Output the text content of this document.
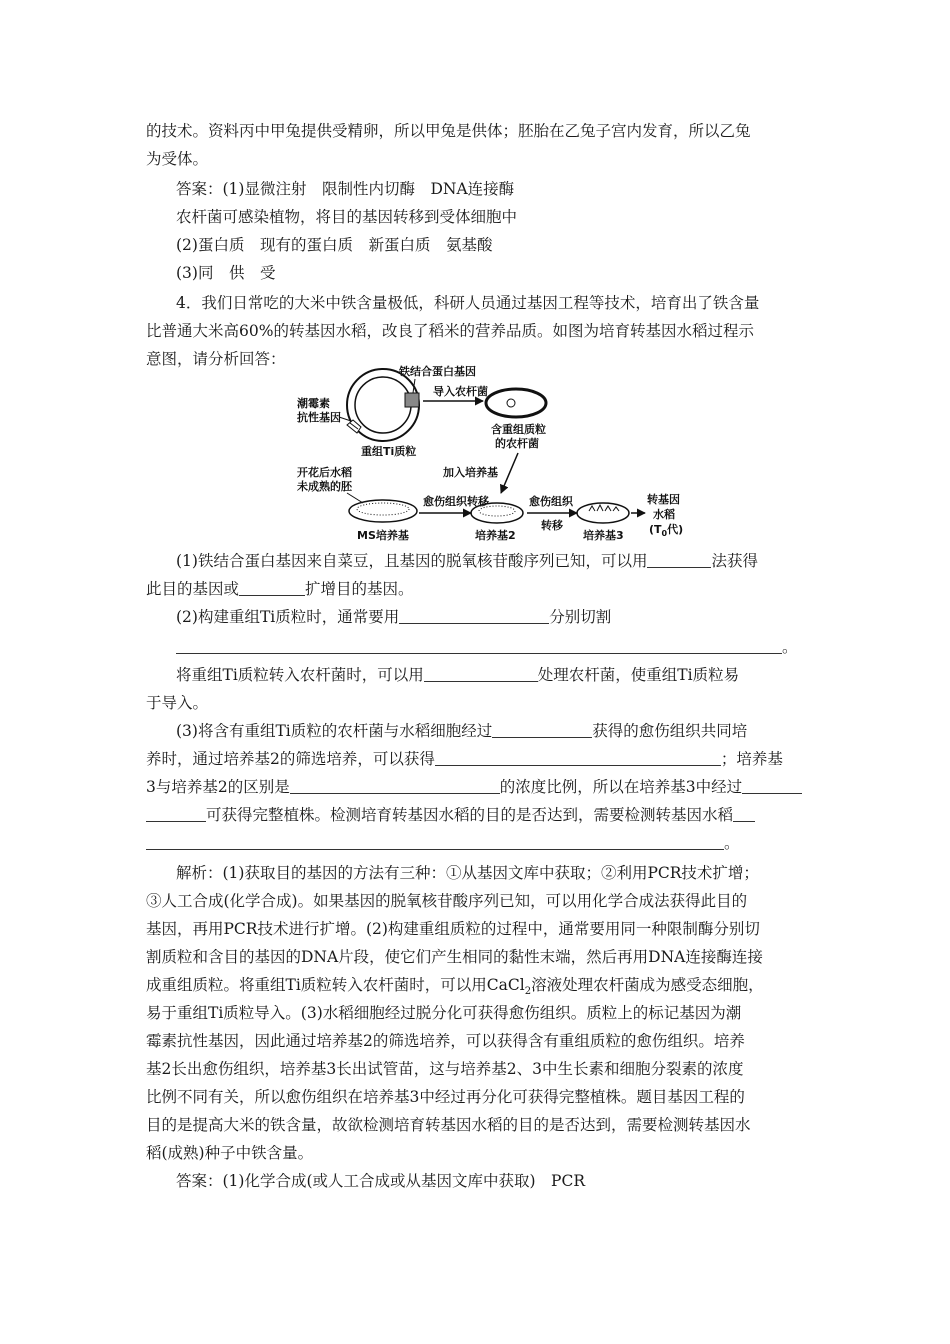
的技术。资料丙中甲兔提供受精卵，所以甲兔是供体；胚胎在乙兔子宫内发育，所以乙兔

为受体。

答案：(1)显微注射　限制性内切酶　DNA连接酶

农杆菌可感染植物，将目的基因转移到受体细胞中

(2)蛋白质　现有的蛋白质　新蛋白质　氨基酸

(3)同　供　受

4．我们日常吃的大米中铁含量极低，科研人员通过基因工程等技术，培育出了铁含量

比普通大米高60%的转基因水稻，改良了稻米的营养品质。如图为培育转基因水稻过程示

意图，请分析回答：

铁结合蛋白基因
潮霉素
抗性基因
重组Ti质粒
导入农杆菌
含重组质粒
的农杆菌
加入培养基
开花后水稻
未成熟的胚
MS培养基
愈伤组织转移
培养基2
愈伤组织
转移
培养基3
转基因
水稻
($T_0$代)

(1)铁结合蛋白基因来自菜豆，且基因的脱氧核苷酸序列已知，可以用	法获得

此目的基因或	扩增目的基因。

(2)构建重组Ti质粒时，通常要用	分别切割

。

将重组Ti质粒转入农杆菌时，可以用	处理农杆菌，使重组Ti质粒易

于导入。

(3)将含有重组Ti质粒的农杆菌与水稻细胞经过	获得的愈伤组织共同培

养时，通过培养基2的筛选培养，可以获得	；培养基

3与培养基2的区别是	的浓度比例，所以在培养基3中经过

可获得完整植株。检测培育转基因水稻的目的是否达到，需要检测转基因水稻

。

解析：(1)获取目的基因的方法有三种：①从基因文库中获取；②利用PCR技术扩增；

③人工合成(化学合成)。如果基因的脱氧核苷酸序列已知，可以用化学合成法获得此目的

基因，再用PCR技术进行扩增。(2)构建重组质粒的过程中，通常要用同一种限制酶分别切

割质粒和含目的基因的DNA片段，使它们产生相同的黏性末端，然后再用DNA连接酶连接

成重组质粒。将重组Ti质粒转入农杆菌时，可以用CaCl$_2$溶液处理农杆菌成为感受态细胞，

易于重组Ti质粒导入。(3)水稻细胞经过脱分化可获得愈伤组织。质粒上的标记基因为潮

霉素抗性基因，因此通过培养基2的筛选培养，可以获得含有重组质粒的愈伤组织。培养

基2长出愈伤组织，培养基3长出试管苗，这与培养基2、3中生长素和细胞分裂素的浓度

比例不同有关，所以愈伤组织在培养基3中经过再分化可获得完整植株。题目基因工程的

目的是提高大米的铁含量，故欲检测培育转基因水稻的目的是否达到，需要检测转基因水

稻(成熟)种子中铁含量。

答案：(1)化学合成(或人工合成或从基因文库中获取)　PCR
